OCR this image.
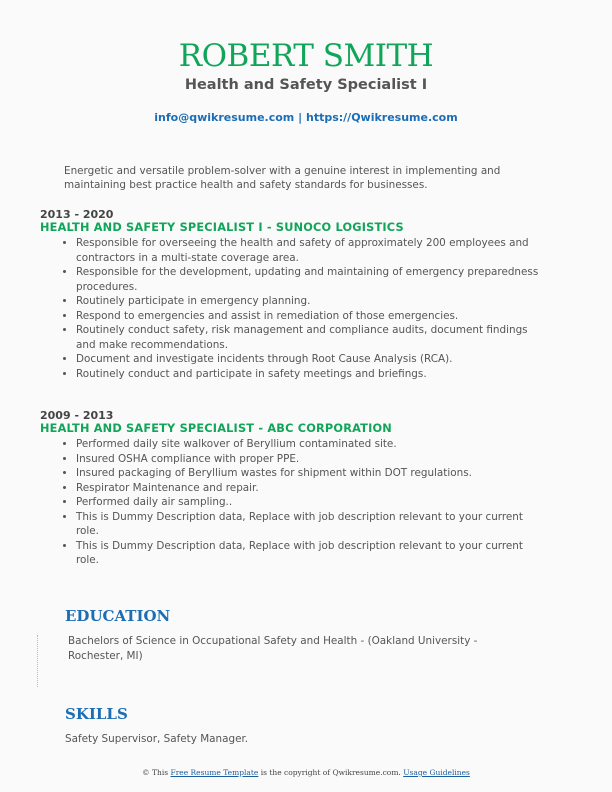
ROBERT SMITH
Health and Safety Specialist I
info@qwikresume.com | https://Qwikresume.com
Energetic and versatile problem-solver with a genuine interest in implementing and maintaining best practice health and safety standards for businesses.
2013 - 2020
HEALTH AND SAFETY SPECIALIST I - SUNOCO LOGISTICS
• Responsible for overseeing the health and safety of approximately 200 employees and contractors in a multi-state coverage area.
• Responsible for the development, updating and maintaining of emergency preparedness procedures.
• Routinely participate in emergency planning.
• Respond to emergencies and assist in remediation of those emergencies.
• Routinely conduct safety, risk management and compliance audits, document findings and make recommendations.
• Document and investigate incidents through Root Cause Analysis (RCA).
• Routinely conduct and participate in safety meetings and briefings.
2009 - 2013
HEALTH AND SAFETY SPECIALIST - ABC CORPORATION
• Performed daily site walkover of Beryllium contaminated site.
• Insured OSHA compliance with proper PPE.
• Insured packaging of Beryllium wastes for shipment within DOT regulations.
• Respirator Maintenance and repair.
• Performed daily air sampling..
• This is Dummy Description data, Replace with job description relevant to your current role.
• This is Dummy Description data, Replace with job description relevant to your current role.
EDUCATION
Bachelors of Science in Occupational Safety and Health - (Oakland University - Rochester, MI)
SKILLS
Safety Supervisor, Safety Manager.
© This Free Resume Template is the copyright of Qwikresume.com. Usage Guidelines
